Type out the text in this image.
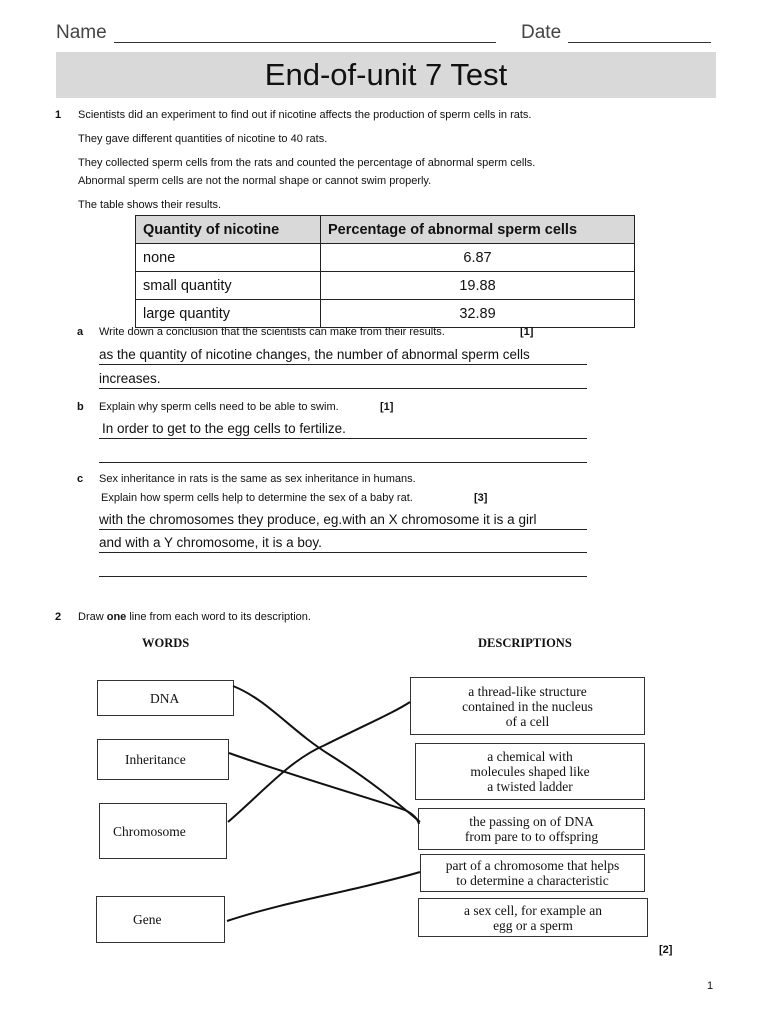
Name	Date
End-of-unit 7 Test
1 Scientists did an experiment to find out if nicotine affects the production of sperm cells in rats.
They gave different quantities of nicotine to 40 rats.
They collected sperm cells from the rats and counted the percentage of abnormal sperm cells.
Abnormal sperm cells are not the normal shape or cannot swim properly.
The table shows their results.
Quantity of nicotine	Percentage of abnormal sperm cells
none	6.87
small quantity	19.88
large quantity	32.89
a Write down a conclusion that the scientists can make from their results.	[1]
as the quantity of nicotine changes, the number of abnormal sperm cells
increases.
b Explain why sperm cells need to be able to swim.	[1]
In order to get to the egg cells to fertilize.
c Sex inheritance in rats is the same as sex inheritance in humans.
Explain how sperm cells help to determine the sex of a baby rat.	[3]
with the chromosomes they produce, eg.with an X chromosome it is a girl
and with a Y chromosome, it is a boy.
2 Draw one line from each word to its description.
WORDS	DESCRIPTIONS
DNA
Inheritance
Chromosome
Gene
a thread-like structure
contained in the nucleus
of a cell
a chemical with
molecules shaped like
a twisted ladder
the passing on of DNA
from pare to to offspring
part of a chromosome that helps
to determine a characteristic
a sex cell, for example an
egg or a sperm
[2]
1
